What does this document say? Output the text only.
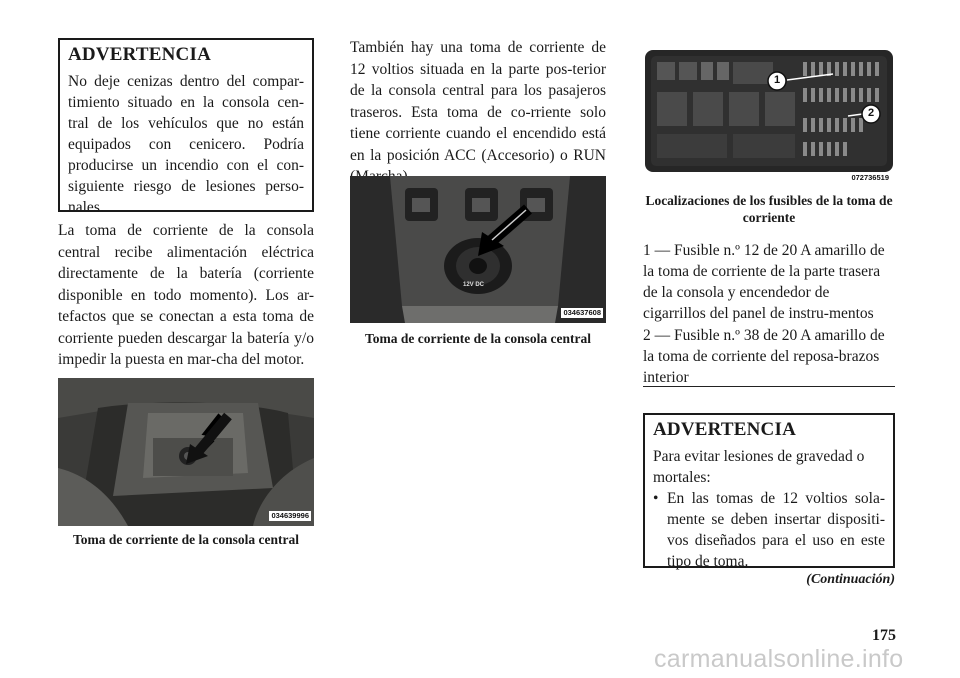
ADVERTENCIA

No deje cenizas dentro del compar-timiento situado en la consola cen-tral de los vehículos que no están equipados con cenicero. Podría producirse un incendio con el con-siguiente riesgo de lesiones perso-nales.

La toma de corriente de la consola central recibe alimentación eléctrica directamente de la batería (corriente disponible en todo momento). Los ar-tefactos que se conectan a esta toma de corriente pueden descargar la batería y/o impedir la puesta en mar-cha del motor.

034639996
Toma de corriente de la consola central

También hay una toma de corriente de 12 voltios situada en la parte pos-terior de la consola central para los pasajeros traseros. Esta toma de co-rriente solo tiene corriente cuando el encendido está en la posición ACC (Accesorio) o RUN

12V DC
034637608
Toma de corriente de la consola central
1
2
072736519
Localizaciones de los fusibles de la toma de corriente

1 — Fusible n.º 12 de 20 A amarillo de la toma de corriente de la parte trasera de la consola y encendedor de cigarrillos del panel de instru-mentos

2 — Fusible n.º 38 de 20 A amarillo de la toma de corriente del reposa-brazos interior

ADVERTENCIA

Para evitar lesiones de gravedad o mortales:

• En las tomas de 12 voltios sola-mente se deben insertar dispositi-vos diseñados para el uso en este tipo de toma.
(Continuación)
175
carmanualsonline.info
